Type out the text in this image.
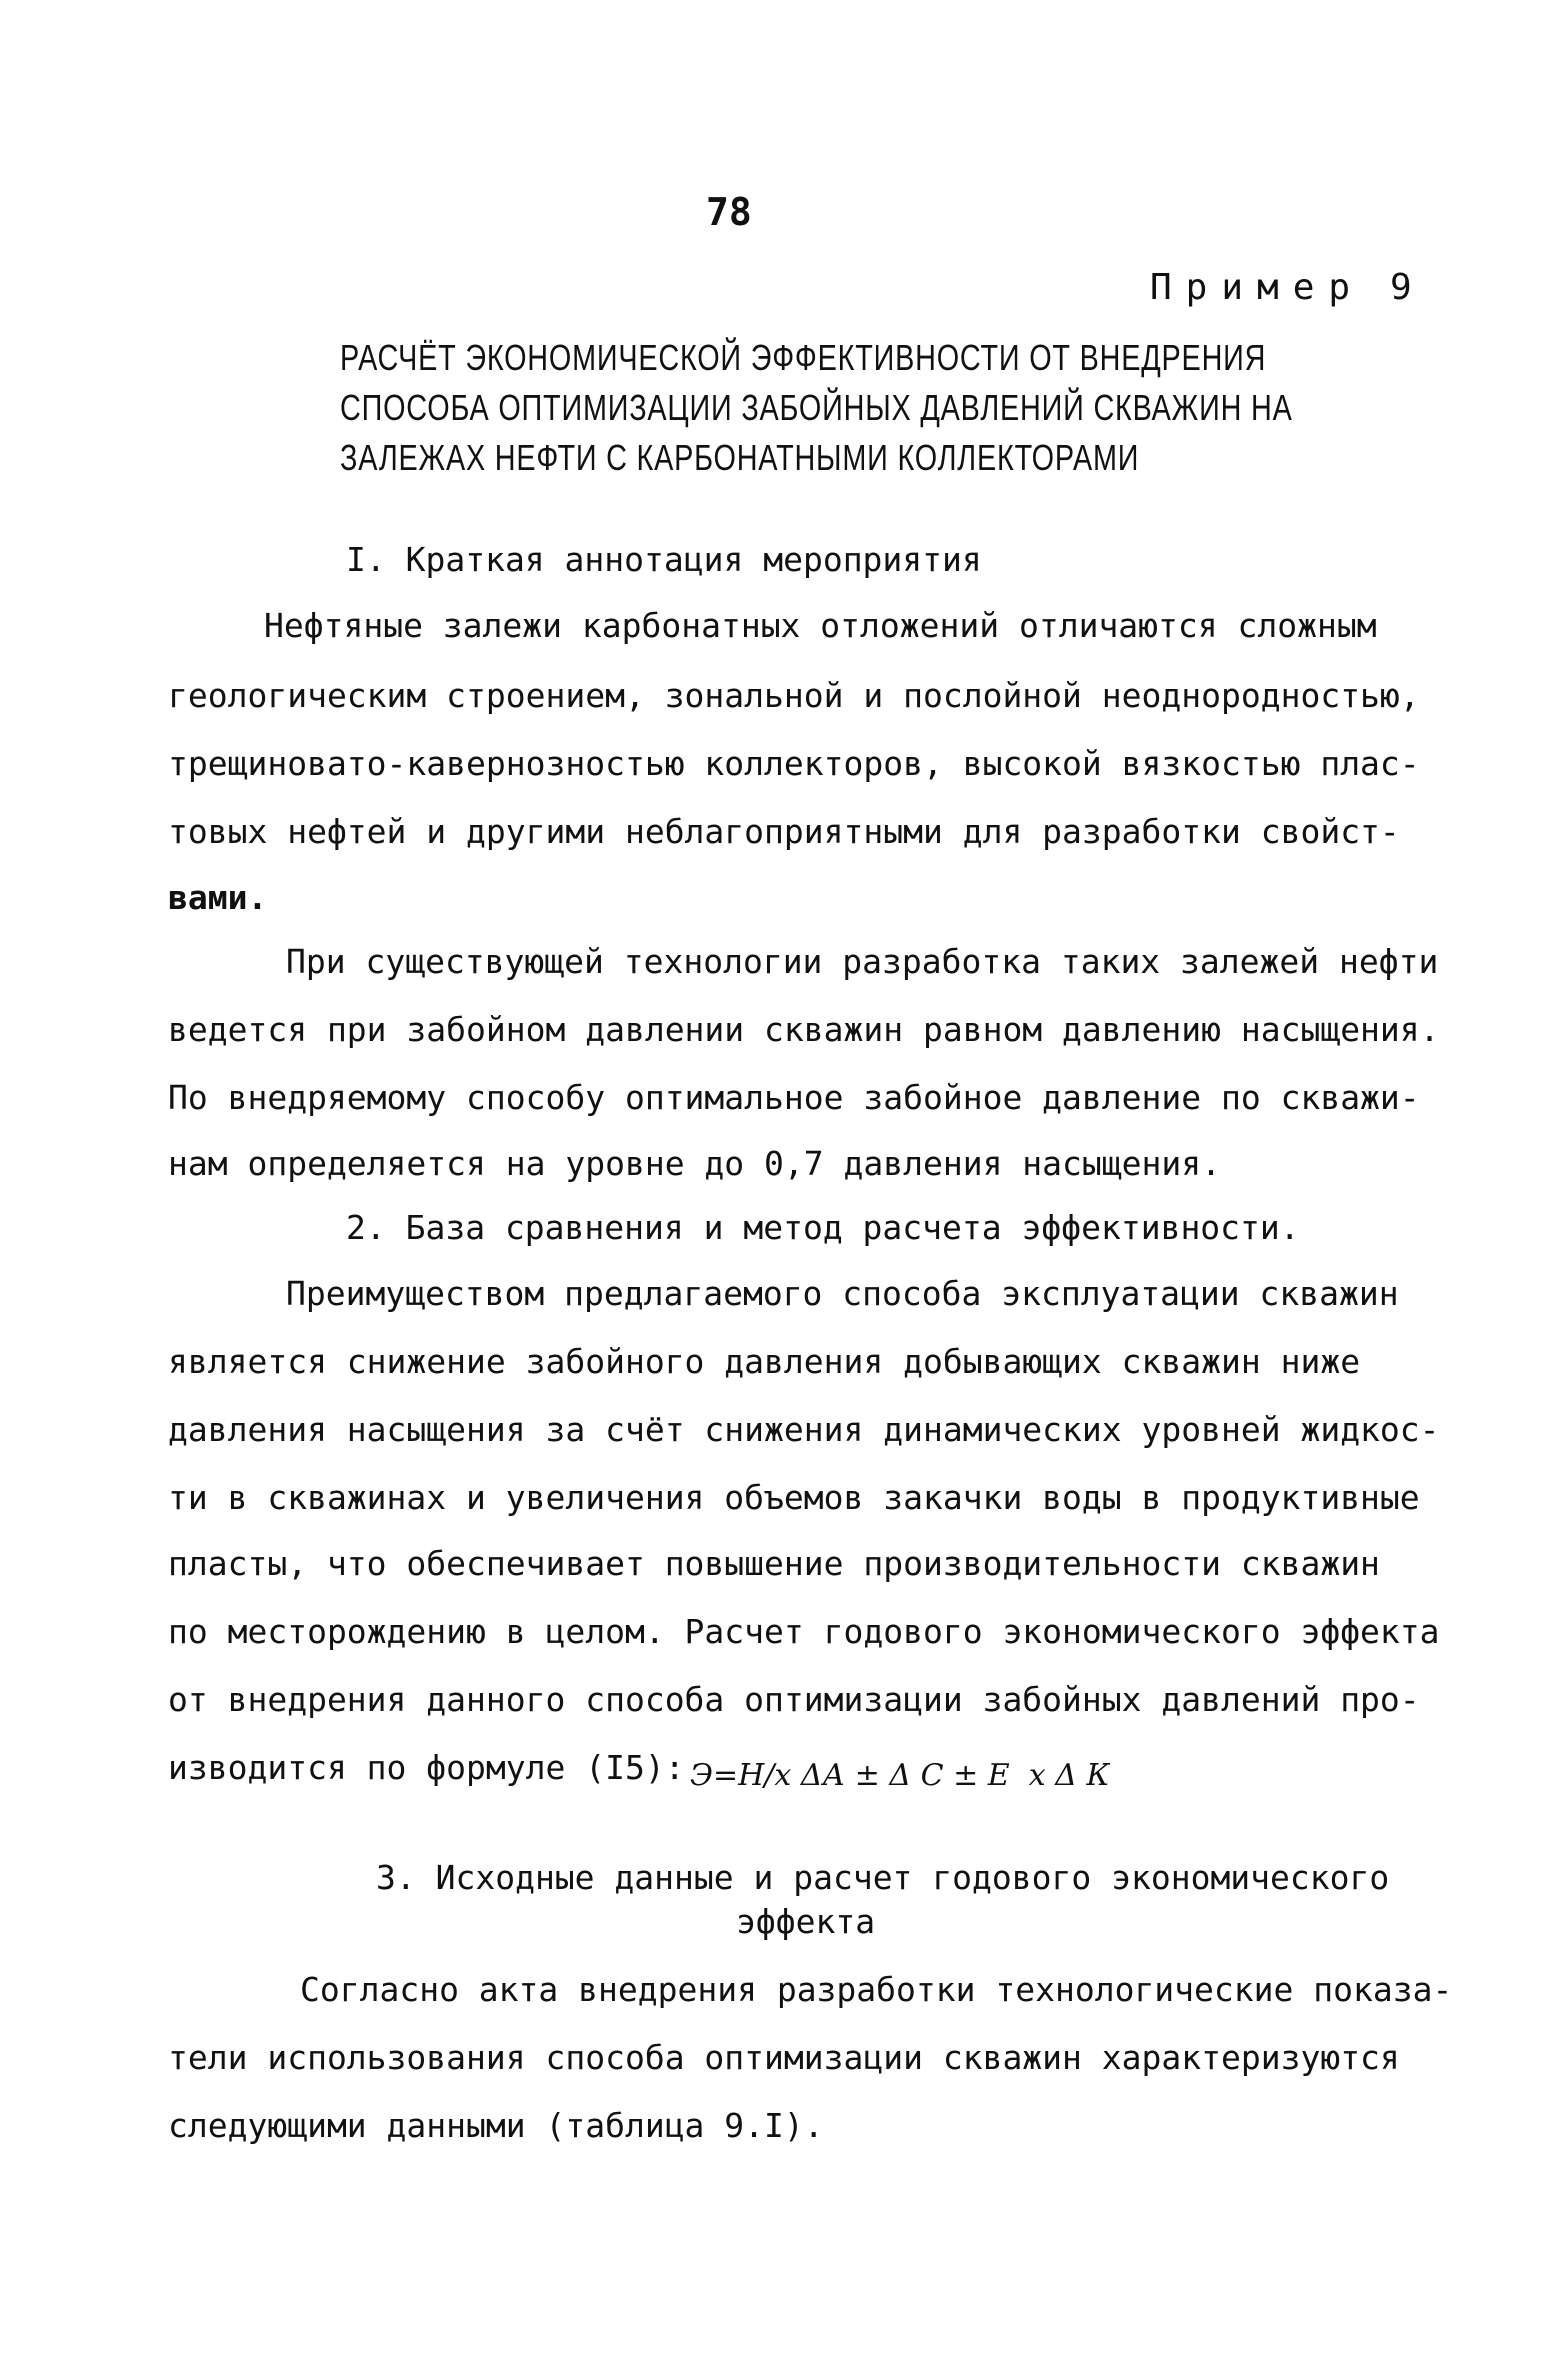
78
Пример 9
РАСЧЁТ ЭКОНОМИЧЕСКОЙ ЭФФЕКТИВНОСТИ ОТ ВНЕДРЕНИЯ
СПОСОБА ОПТИМИЗАЦИИ ЗАБОЙНЫХ ДАВЛЕНИЙ СКВАЖИН НА
ЗАЛЕЖАХ НЕФТИ С КАРБОНАТНЫМИ КОЛЛЕКТОРАМИ
I. Краткая аннотация мероприятия
Нефтяные залежи карбонатных отложений отличаются сложным
геологическим строением, зональной и послойной неоднородностью,
трещиновато-кавернозностью коллекторов, высокой вязкостью плас-
товых нефтей и другими неблагоприятными для разработки свойст-
вами.
При существующей технологии разработка таких залежей нефти
ведется при забойном давлении скважин равном давлению насыщения.
По внедряемому способу оптимальное забойное давление по скважи-
нам определяется на уровне до 0,7 давления насыщения.
2. База сравнения и метод расчета эффективности.
Преимуществом предлагаемого способа эксплуатации скважин
является снижение забойного давления добывающих скважин ниже
давления насыщения за счёт снижения динамических уровней жидкос-
ти в скважинах и увеличения объемов закачки воды в продуктивные
пласты, что обеспечивает повышение производительности скважин
по месторождению в целом. Расчет годового экономического эффекта
от внедрения данного способа оптимизации забойных давлений про-
изводится по формуле (I5): Э=Н/х ΔА ± Δ С ± Е  х Δ К
3. Исходные данные и расчет годового экономического
эффекта
Согласно акта внедрения разработки технологические показа-
тели использования способа оптимизации скважин характеризуются
следующими данными (таблица 9.I).
